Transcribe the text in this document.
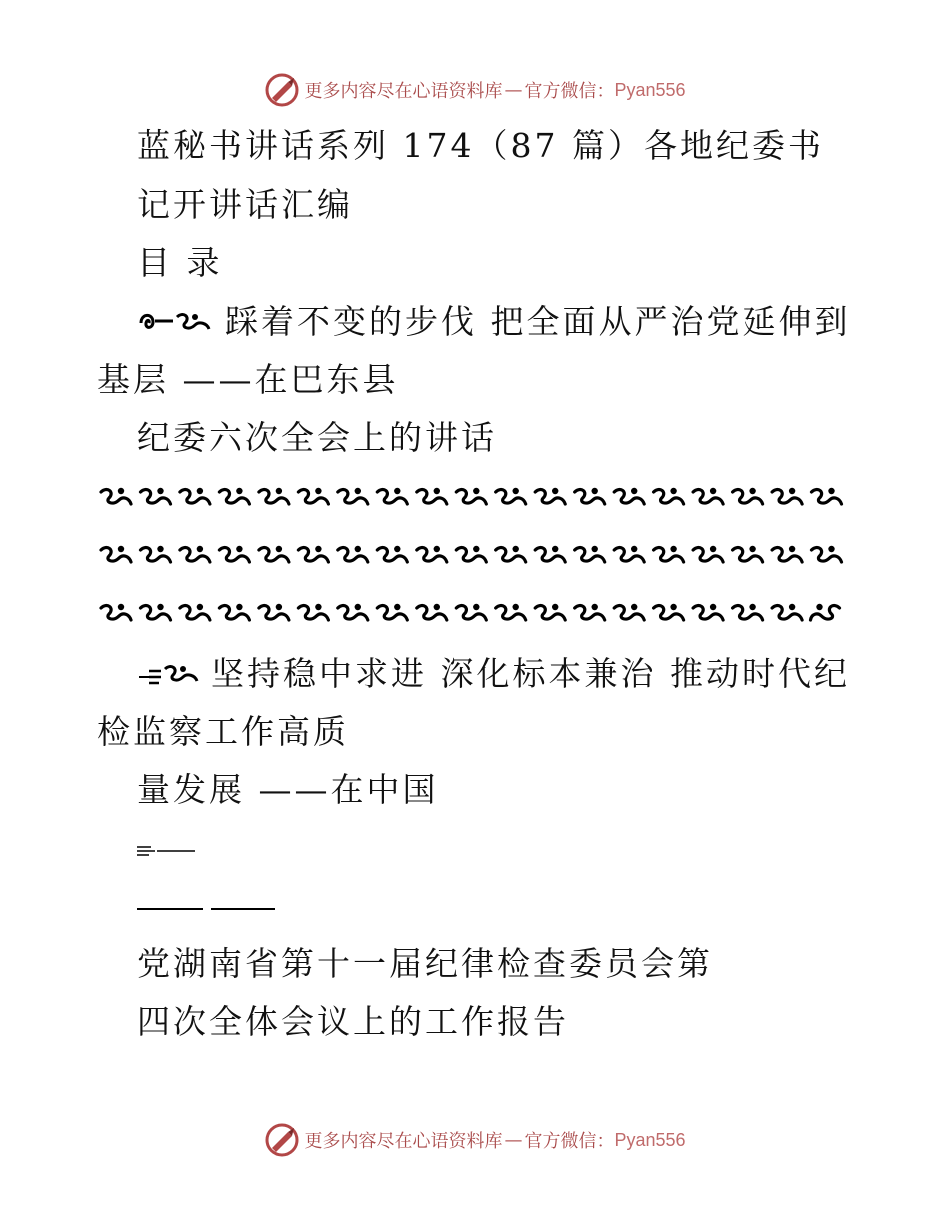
更多内容尽在心语资料库 — 官方微信： Pyan556
蓝秘书讲话系列 174（87 篇）各地纪委书
记开讲话汇编
目 录
踩着不变的步伐 把全面从严治党延伸到
基层 ——在巴东县
纪委六次全会上的讲话
坚持稳中求进 深化标本兼治 推动时代纪
检监察工作高质
量发展 ——在中国
党湖南省第十一届纪律检查委员会第
四次全体会议上的工作报告
更多内容尽在心语资料库 — 官方微信： Pyan556
